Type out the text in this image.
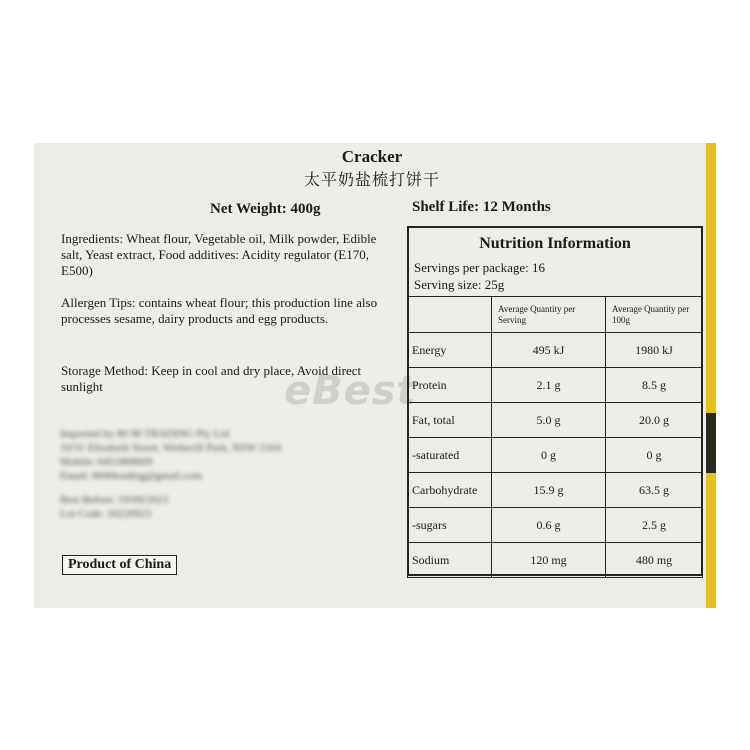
Cracker
太平奶盐梳打饼干
Net Weight: 400g	Shelf Life: 12 Months
Ingredients: Wheat flour, Vegetable oil, Milk powder, Edible salt, Yeast extract, Food additives: Acidity regulator (E170, E500)
Allergen Tips: contains wheat flour; this production line also processes sesame, dairy products and egg products.
Storage Method: Keep in cool and dry place, Avoid direct sunlight
Imported by 80 90 TRADING Pty Ltd
10/31 Elizabeth Street, Wetherill Park, NSW 2164
Mobile: 0451868609
Email: 8090trading@gmail.com
Best Before: 19/09/2023
Lot Code: 20220923
eBest
Product of China
Nutrition Information
Servings per package: 16
Serving size: 25g
	Average Quantity per Serving	Average Quantity per 100g
Energy	495 kJ	1980 kJ
Protein	2.1 g	8.5 g
Fat, total	5.0 g	20.0 g
-saturated	0 g	0 g
Carbohydrate	15.9 g	63.5 g
-sugars	0.6 g	2.5 g
Sodium	120 mg	480 mg
